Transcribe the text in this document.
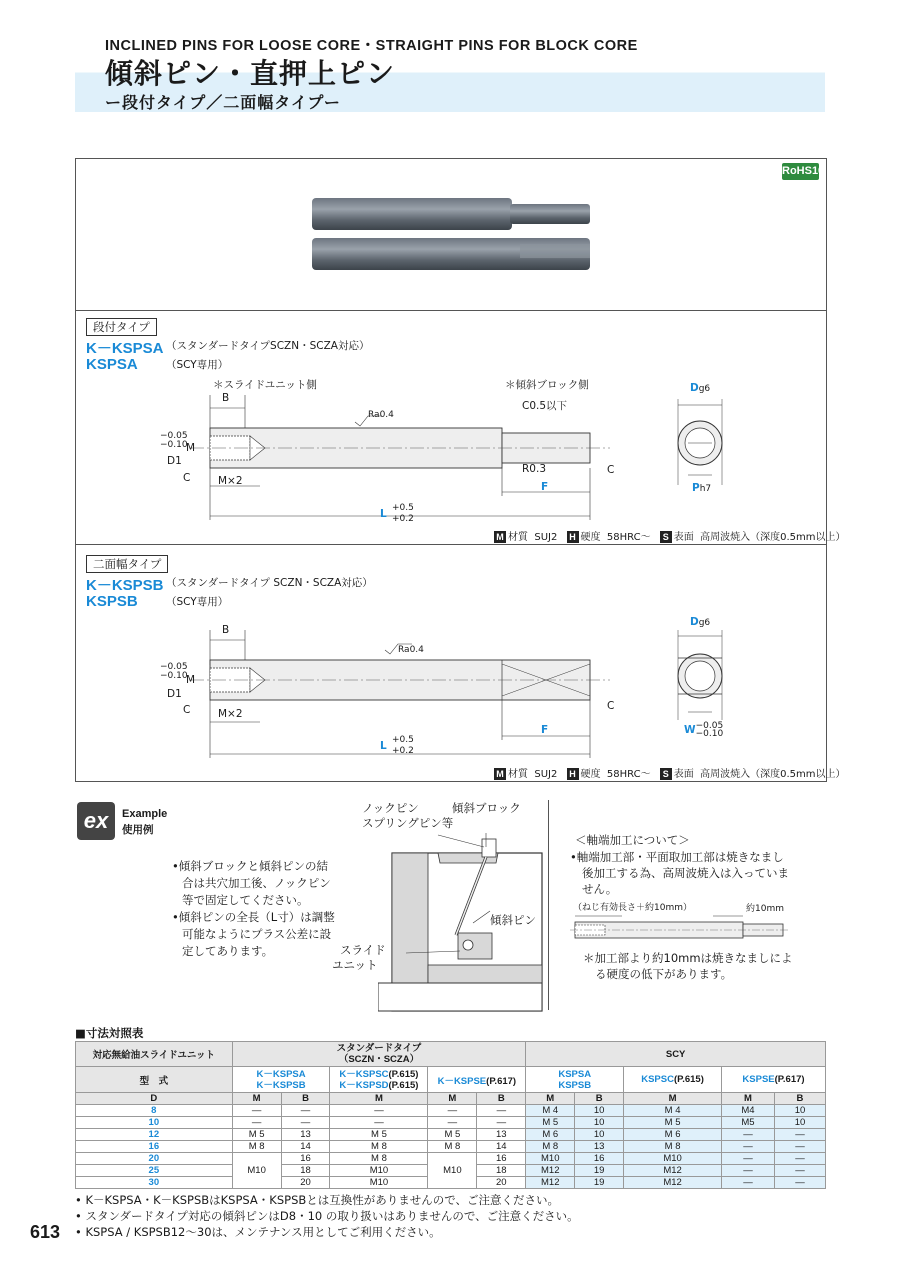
INCLINED PINS FOR LOOSE CORE・STRAIGHT PINS FOR BLOCK CORE
傾斜ピン・直押上ピン
ー段付タイプ／二面幅タイプー
RoHS10
段付タイプ
K－KSPSA （スタンダードタイプSCZN・SCZA対応）
KSPSA	（SCY専用）
＊スライドユニット側	＊傾斜ブロック側
B
Ra0.4
C0.5以下
M
D1
−0.05 −0.10
C	M×2
R0.3	C
F
L +0.5
+0.2
Dg6
Ph7
M 材質 SUJ2 H 硬度 58HRC～ S 表面 高周波焼入（深度0.5mm以上）
二面幅タイプ
K－KSPSB （スタンダードタイプ SCZN・SCZA対応）
KSPSB	（SCY専用）
B
Ra0.4
M
D1
−0.05 −0.10
C	M×2
C
F
L +0.5
+0.2
Dg6
W−0.05 −0.10
M 材質 SUJ2 H 硬度 58HRC～ S 表面 高周波焼入（深度0.5mm以上）
ex	Example
使用例
•傾斜ブロックと傾斜ピンの結
合は共穴加工後、ノックピン
等で固定してください。
•傾斜ピンの全長（L寸）は調整
可能なようにプラス公差に設
定してあります。
ノックピン
スプリングピン等
傾斜ブロック
傾斜ピン
スライド
ユニット
＜軸端加工について＞
•軸端加工部・平面取加工部は焼きなまし
後加工する為、高周波焼入は入っていま
せん。
（ねじ有効長さ＋約10mm）	約10mm
＊加工部より約10mmは焼きなましによ
る硬度の低下があります。
■寸法対照表
対応無給油スライドユニット	スタンダードタイプ
（SCZN・SCZA）					SCY				

型　式	K－KSPSA
K－KSPSB		K－KSPSC(P.615)
K－KSPSD(P.615)	K－KSPSE(P.617)		KSPSA
KSPSB		KSPSC(P.615)	KSPSE(P.617)	
D	M	B	M	M	B	M	B	M	M	B
8	—	—	—	—	—	M 4	10	M 4	M4	10
10	—	—	—	—	—	M 5	10	M 5	M5	10
12	M 5	13	M 5	M 5	13	M 6	10	M 6	—	—
16	M 8	14	M 8	M 8	14	M 8	13	M 8	—	—
20	M10	16	M 8	M10	16	M10	16	M10	—	—
25		18	M10		18	M12	19	M12	—	—
30		20	M10		20	M12	19	M12	—	—
• K－KSPSA・K－KSPSBはKSPSA・KSPSBとは互換性がありませんので、ご注意ください。
• スタンダードタイプ対応の傾斜ピンはD8・10 の取り扱いはありませんので、ご注意ください。
• KSPSA / KSPSB12～30は、メンテナンス用としてご利用ください。
613
